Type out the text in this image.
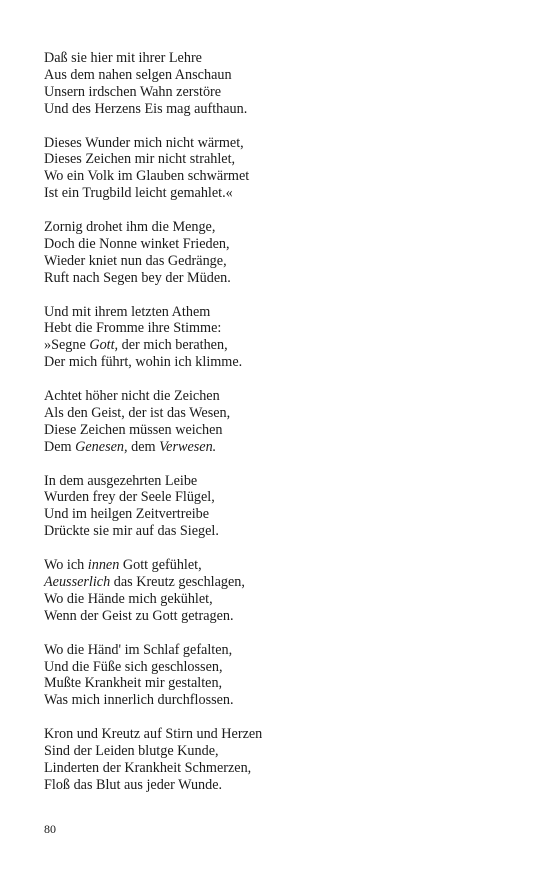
Daß sie hier mit ihrer Lehre
Aus dem nahen selgen Anschaun
Unsern irdschen Wahn zerstöre
Und des Herzens Eis mag aufthaun.
Dieses Wunder mich nicht wärmet,
Dieses Zeichen mir nicht strahlet,
Wo ein Volk im Glauben schwärmet
Ist ein Trugbild leicht gemahlet.«
Zornig drohet ihm die Menge,
Doch die Nonne winket Frieden,
Wieder kniet nun das Gedränge,
Ruft nach Segen bey der Müden.
Und mit ihrem letzten Athem
Hebt die Fromme ihre Stimme:
»Segne Gott, der mich berathen,
Der mich führt, wohin ich klimme.
Achtet höher nicht die Zeichen
Als den Geist, der ist das Wesen,
Diese Zeichen müssen weichen
Dem Genesen, dem Verwesen.
In dem ausgezehrten Leibe
Wurden frey der Seele Flügel,
Und im heilgen Zeitvertreibe
Drückte sie mir auf das Siegel.
Wo ich innen Gott gefühlet,
Aeusserlich das Kreutz geschlagen,
Wo die Hände mich gekühlet,
Wenn der Geist zu Gott getragen.
Wo die Händ' im Schlaf gefalten,
Und die Füße sich geschlossen,
Mußte Krankheit mir gestalten,
Was mich innerlich durchflossen.
Kron und Kreutz auf Stirn und Herzen
Sind der Leiden blutge Kunde,
Linderten der Krankheit Schmerzen,
Floß das Blut aus jeder Wunde.
80
